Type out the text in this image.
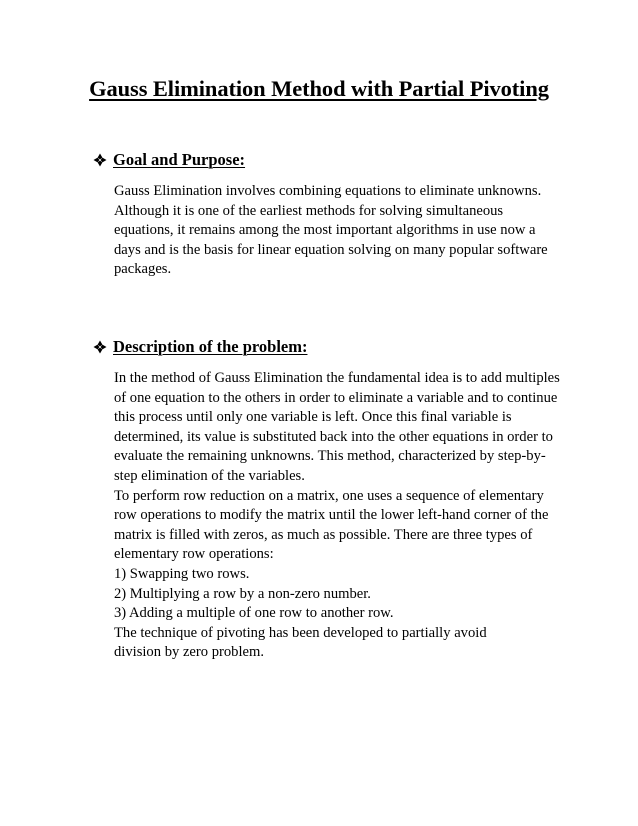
Gauss Elimination Method with Partial Pivoting
Goal and Purpose:
Gauss Elimination involves combining equations to eliminate unknowns.
Although it is one of the earliest methods for solving simultaneous
equations, it remains among the most important algorithms in use now a
days and is the basis for linear equation solving on many popular software
packages.
Description of the problem:
In the method of Gauss Elimination the fundamental idea is to add multiples
of one equation to the others in order to eliminate a variable and to continue
this process until only one variable is left. Once this final variable is
determined, its value is substituted back into the other equations in order to
evaluate the remaining unknowns. This method, characterized by step-by-
step elimination of the variables.
To perform row reduction on a matrix, one uses a sequence of elementary
row operations to modify the matrix until the lower left-hand corner of the
matrix is filled with zeros, as much as possible. There are three types of
elementary row operations:
1) Swapping two rows.
2) Multiplying a row by a non-zero number.
3) Adding a multiple of one row to another row.
The technique of pivoting has been developed to partially avoid
division by zero problem.
